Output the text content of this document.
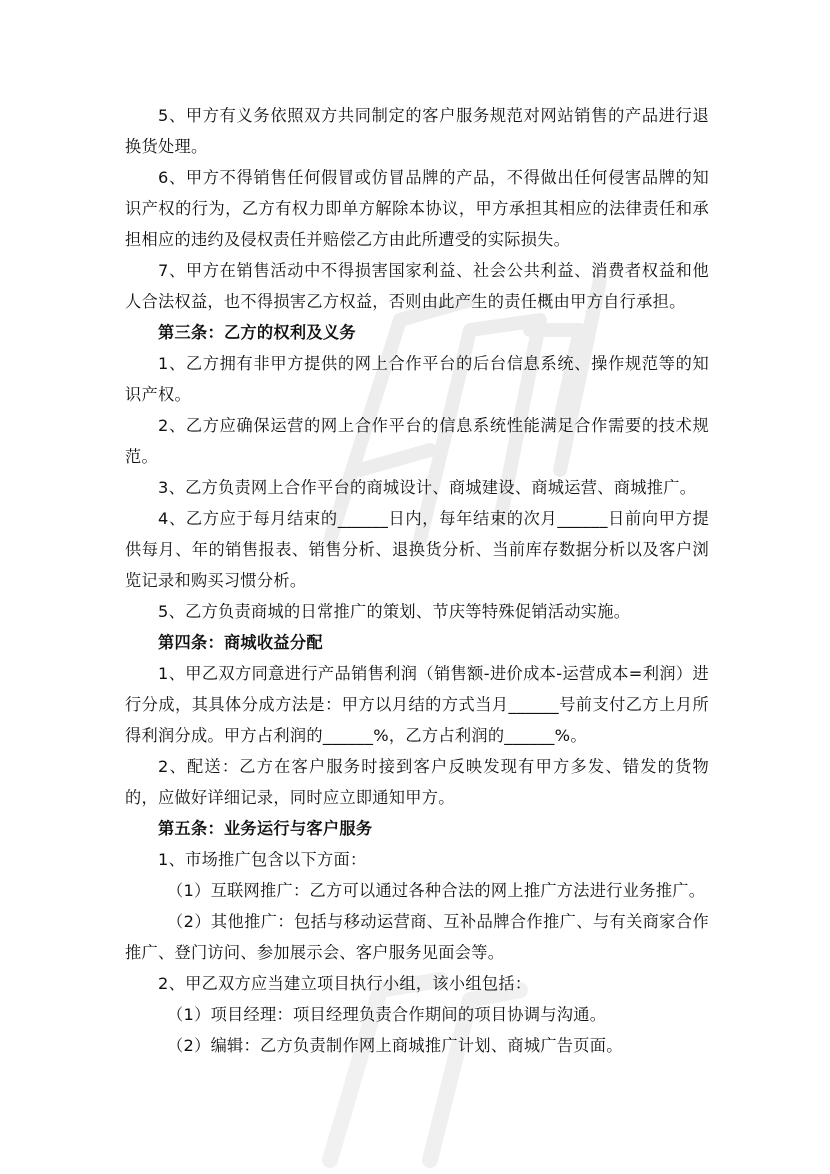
5、甲方有义务依照双方共同制定的客户服务规范对网站销售的产品进行退换货处理。

6、甲方不得销售任何假冒或仿冒品牌的产品，不得做出任何侵害品牌的知识产权的行为，乙方有权力即单方解除本协议，甲方承担其相应的法律责任和承担相应的违约及侵权责任并赔偿乙方由此所遭受的实际损失。

7、甲方在销售活动中不得损害国家利益、社会公共利益、消费者权益和他人合法权益，也不得损害乙方权益，否则由此产生的责任概由甲方自行承担。

第三条：乙方的权利及义务

1、乙方拥有非甲方提供的网上合作平台的后台信息系统、操作规范等的知识产权。

2、乙方应确保运营的网上合作平台的信息系统性能满足合作需要的技术规范。

3、乙方负责网上合作平台的商城设计、商城建设、商城运营、商城推广。

4、乙方应于每月结束的______日内，每年结束的次月______日前向甲方提供每月、年的销售报表、销售分析、退换货分析、当前库存数据分析以及客户浏览记录和购买习惯分析。

5、乙方负责商城的日常推广的策划、节庆等特殊促销活动实施。

第四条：商城收益分配

1、甲乙双方同意进行产品销售利润（销售额-进价成本-运营成本=利润）进行分成，其具体分成方法是：甲方以月结的方式当月______号前支付乙方上月所得利润分成。甲方占利润的______%，乙方占利润的______%。

2、配送：乙方在客户服务时接到客户反映发现有甲方多发、错发的货物的，应做好详细记录，同时应立即通知甲方。

第五条：业务运行与客户服务

1、市场推广包含以下方面：

（1）互联网推广：乙方可以通过各种合法的网上推广方法进行业务推广。

（2）其他推广：包括与移动运营商、互补品牌合作推广、与有关商家合作推广、登门访问、参加展示会、客户服务见面会等。

2、甲乙双方应当建立项目执行小组，该小组包括：

（1）项目经理：项目经理负责合作期间的项目协调与沟通。

（2）编辑：乙方负责制作网上商城推广计划、商城广告页面。
